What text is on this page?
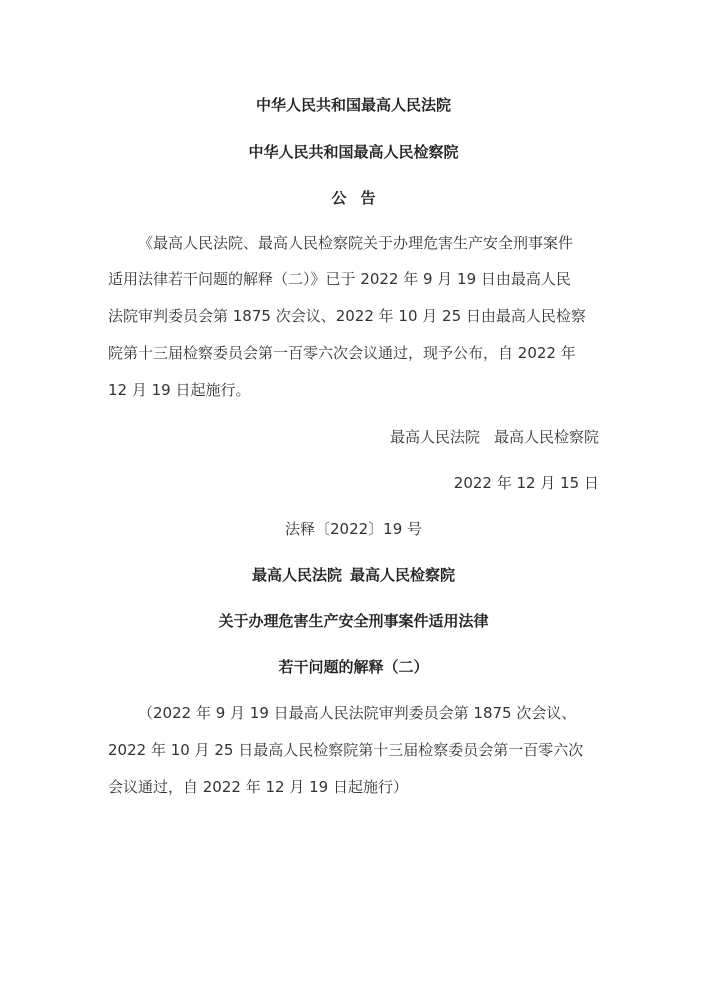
中华人民共和国最高人民法院
中华人民共和国最高人民检察院
公 告
《最高人民法院、最高人民检察院关于办理危害生产安全刑事案件
适用法律若干问题的解释（二）》已于 2022 年 9 月 19 日由最高人民
法院审判委员会第 1875 次会议、2022 年 10 月 25 日由最高人民检察
院第十三届检察委员会第一百零六次会议通过，现予公布，自 2022 年
12 月 19 日起施行。
最高人民法院 最高人民检察院
2022 年 12 月 15 日
法释〔2022〕19 号
最高人民法院 最高人民检察院
关于办理危害生产安全刑事案件适用法律
若干问题的解释（二）
（2022 年 9 月 19 日最高人民法院审判委员会第 1875 次会议、
2022 年 10 月 25 日最高人民检察院第十三届检察委员会第一百零六次
会议通过，自 2022 年 12 月 19 日起施行）
